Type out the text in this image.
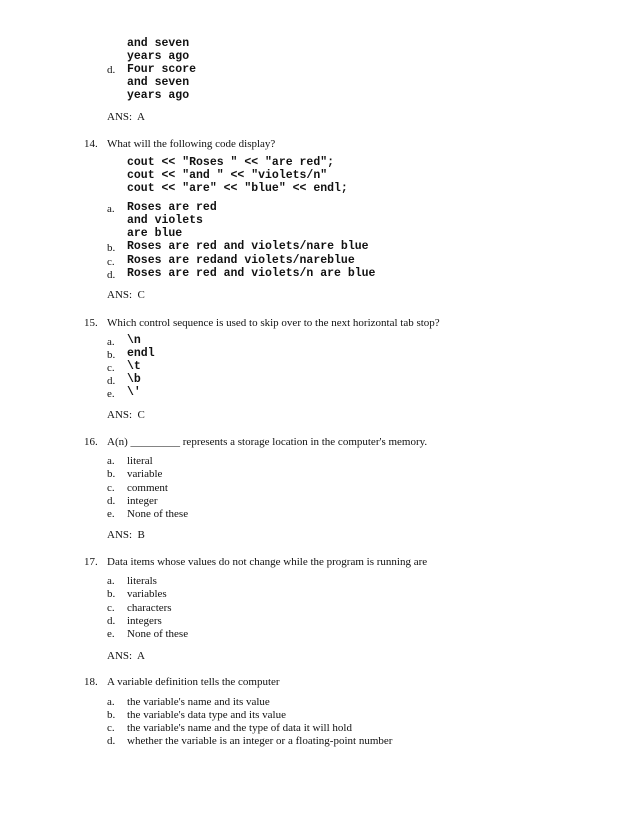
and seven
years ago
d. Four score
and seven
years ago
ANS:  A
14. What will the following code display?
cout << "Roses " << "are red";
cout << "and " << "violets/n"
cout << "are" << "blue" << endl;
a. Roses are red
and violets
are blue
b. Roses are red and violets/nare blue
c. Roses are redand violets/nareblue
d. Roses are red and violets/n are blue
ANS:  C
15. Which control sequence is used to skip over to the next horizontal tab stop?
a. \n
b. endl
c. \t
d. \b
e. \'
ANS:  C
16. A(n) _________ represents a storage location in the computer's memory.
a. literal
b. variable
c. comment
d. integer
e. None of these
ANS:  B
17. Data items whose values do not change while the program is running are
a. literals
b. variables
c. characters
d. integers
e. None of these
ANS:  A
18. A variable definition tells the computer
a. the variable's name and its value
b. the variable's data type and its value
c. the variable's name and the type of data it will hold
d. whether the variable is an integer or a floating-point number
